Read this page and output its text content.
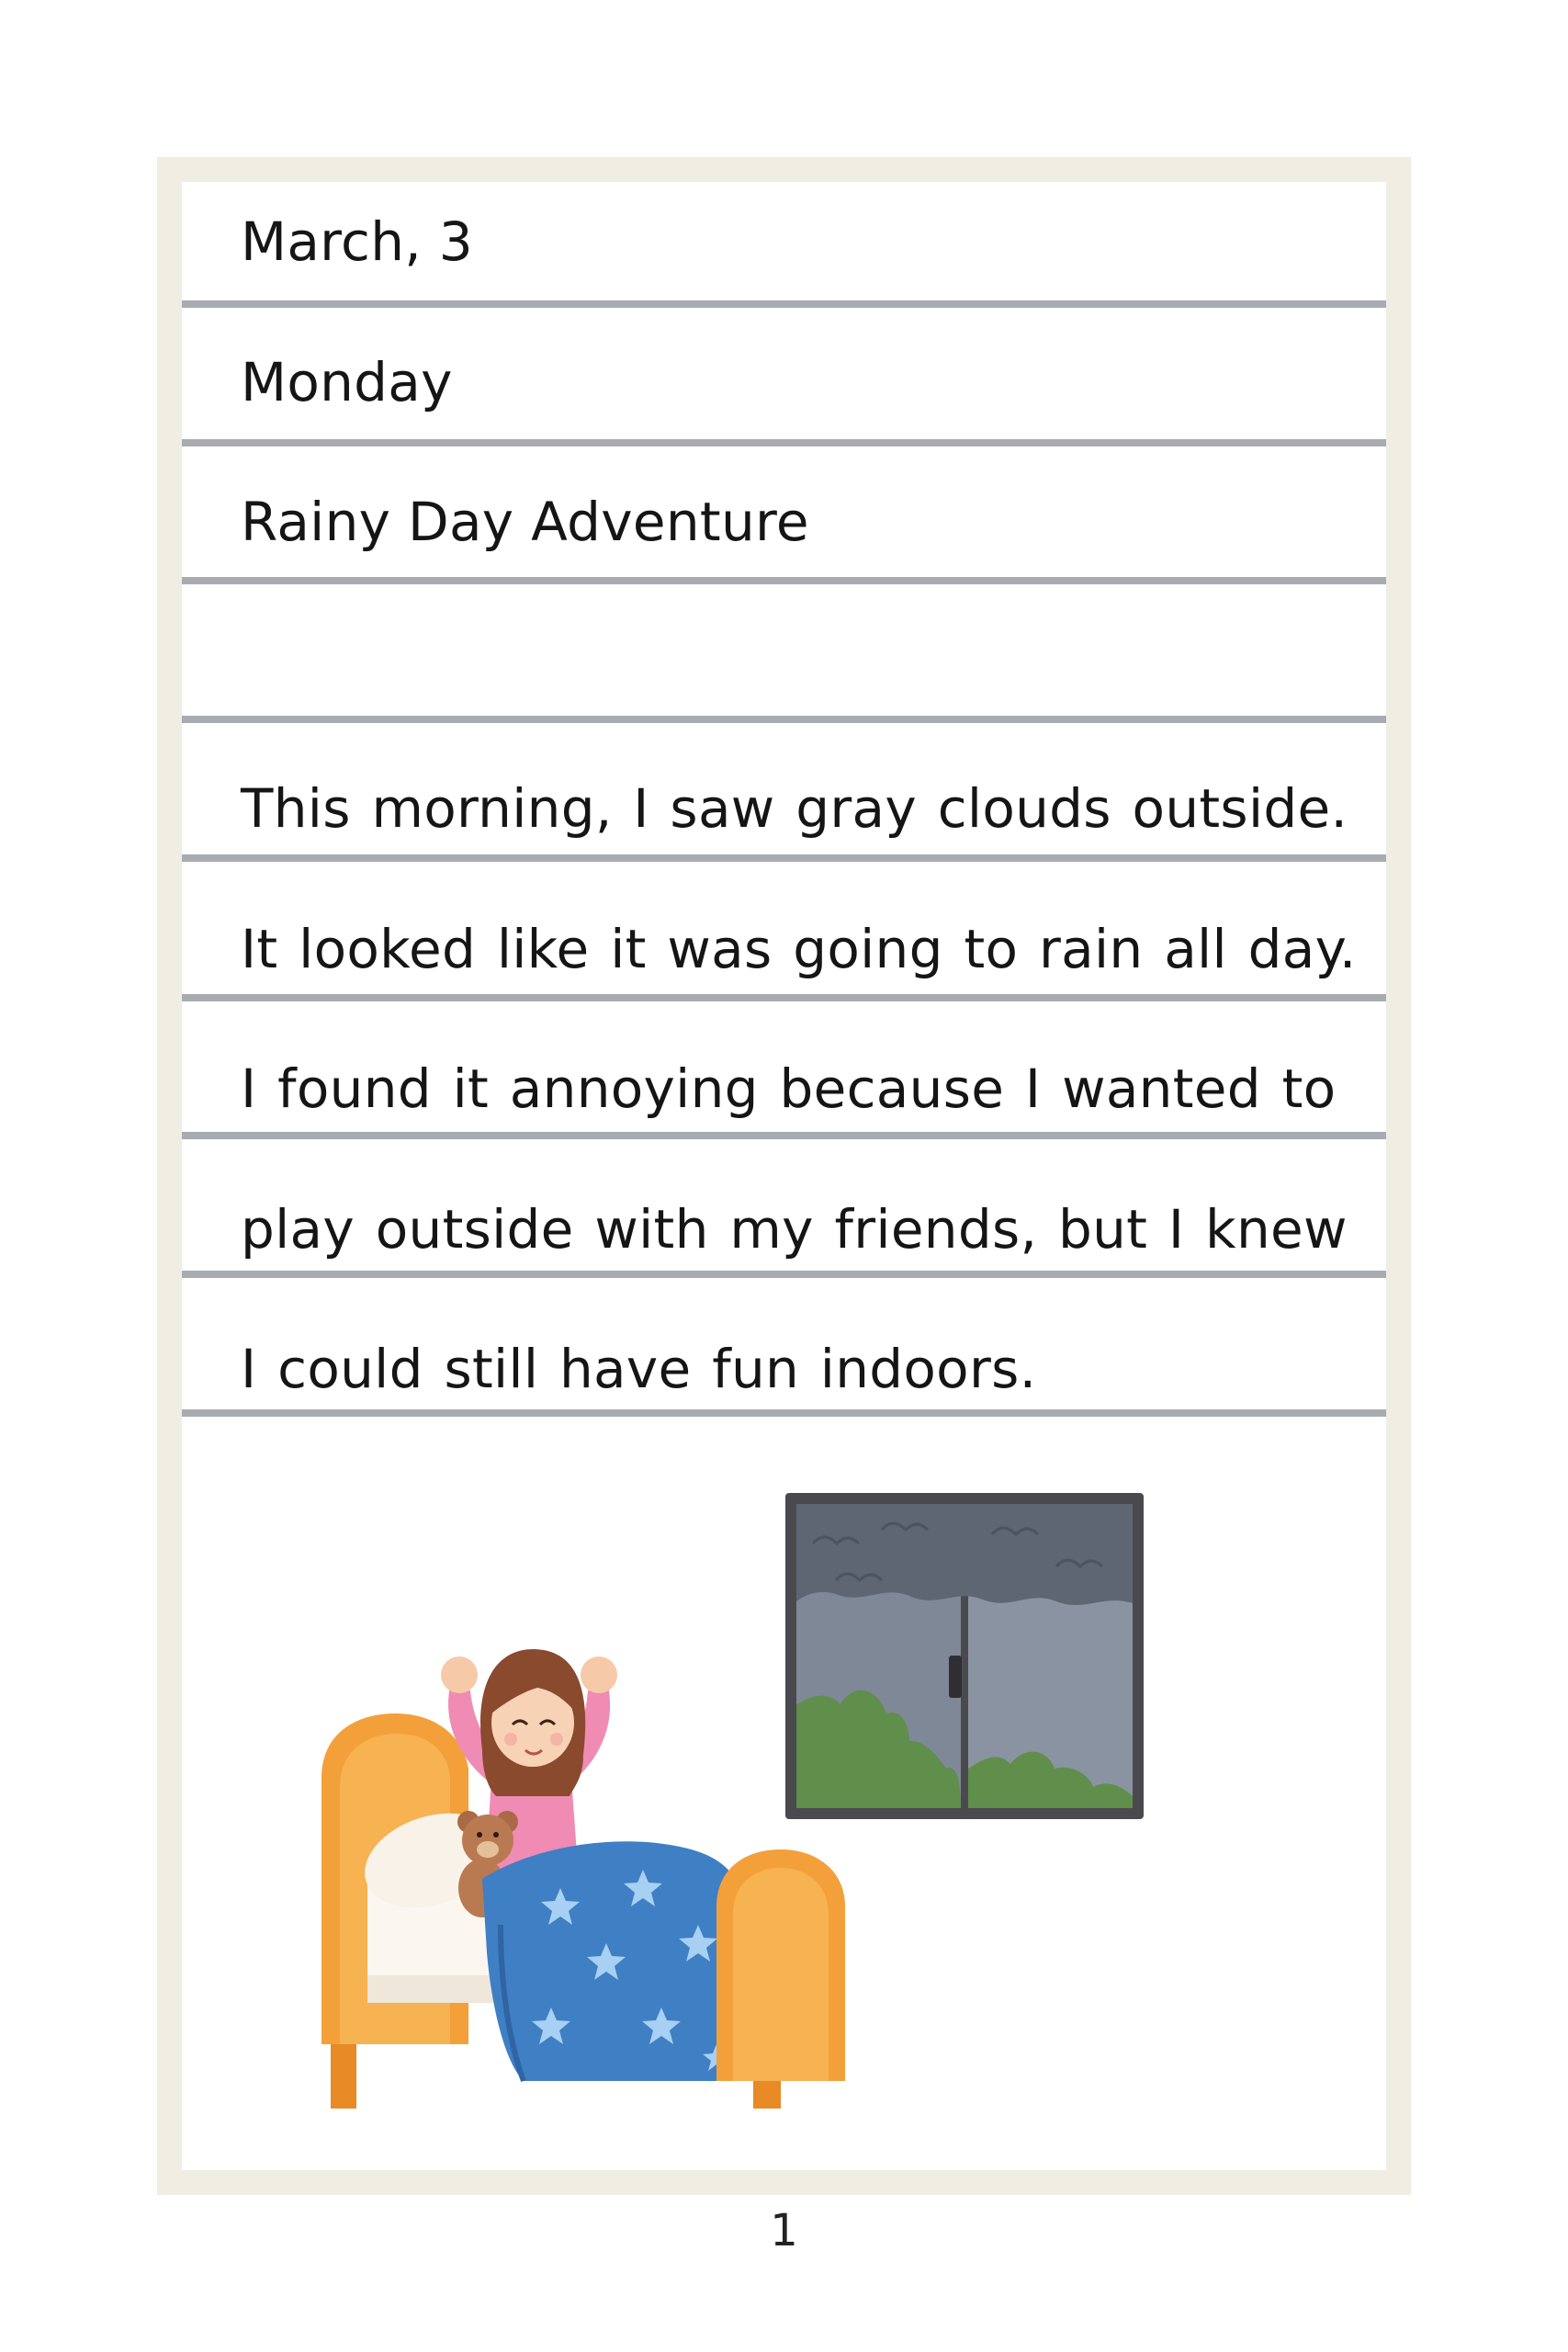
March, 3
Monday
Rainy Day Adventure
This morning, I saw gray clouds outside.
It looked like it was going to rain all day.
I found it annoying because I wanted to
play outside with my friends, but I knew
I could still have fun indoors.
1
